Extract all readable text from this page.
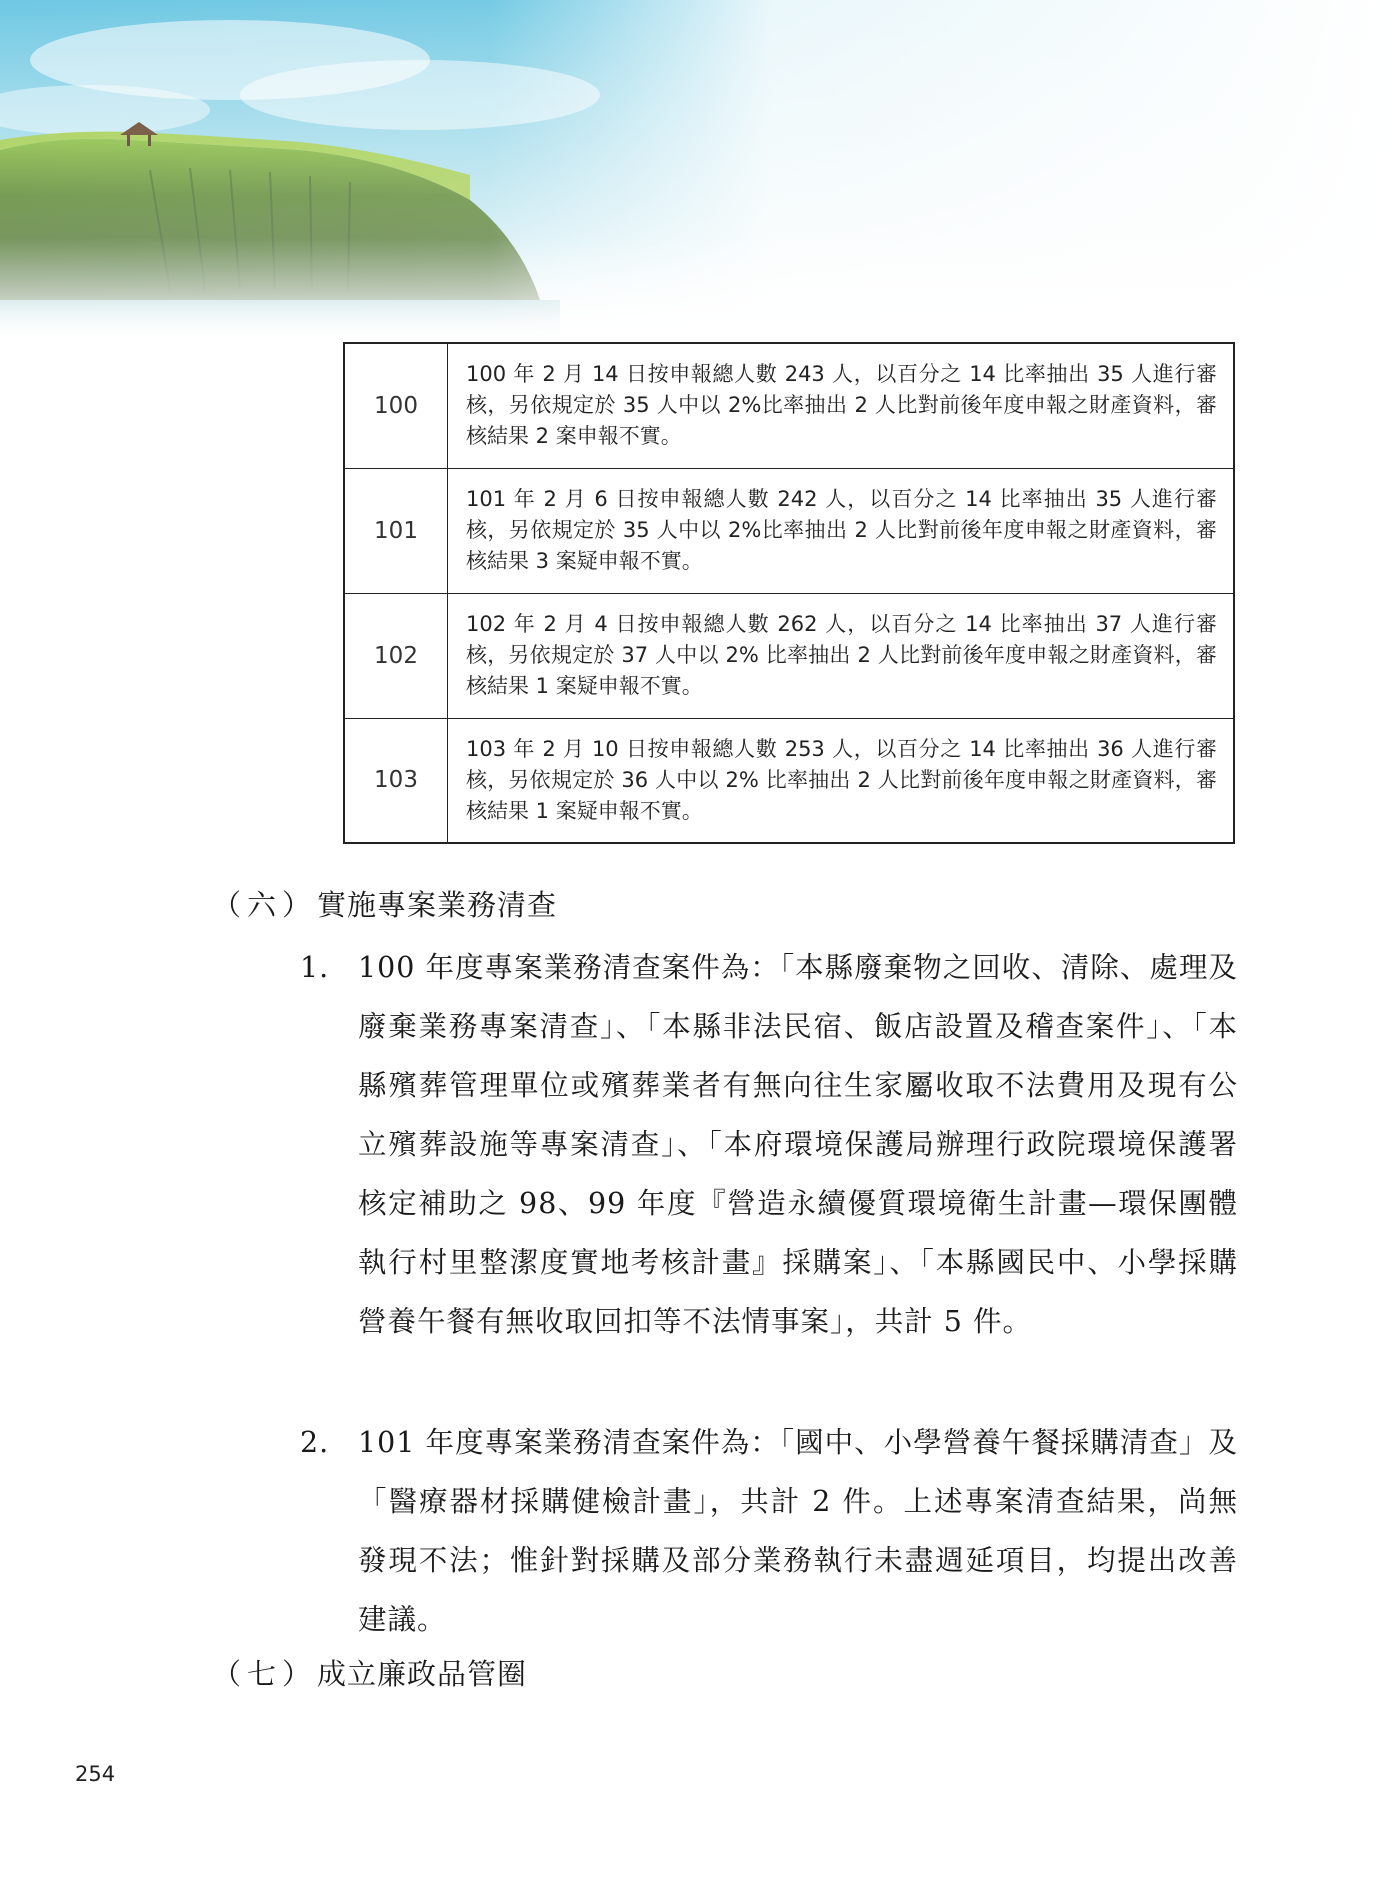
100	100 年 2 月 14 日按申報總人數 243 人，以百分之 14 比率抽出 35 人進行審核，另依規定於 35 人中以 2%比率抽出 2 人比對前後年度申報之財產資料，審核結果 2 案申報不實。
101	101 年 2 月 6 日按申報總人數 242 人，以百分之 14 比率抽出 35 人進行審核，另依規定於 35 人中以 2%比率抽出 2 人比對前後年度申報之財產資料，審核結果 3 案疑申報不實。
102	102 年 2 月 4 日按申報總人數 262 人，以百分之 14 比率抽出 37 人進行審核，另依規定於 37 人中以 2% 比率抽出 2 人比對前後年度申報之財產資料，審核結果 1 案疑申報不實。
103	103 年 2 月 10 日按申報總人數 253 人，以百分之 14 比率抽出 36 人進行審核，另依規定於 36 人中以 2% 比率抽出 2 人比對前後年度申報之財產資料，審核結果 1 案疑申報不實。
（六）實施專案業務清查
1.	100 年度專案業務清查案件為：「本縣廢棄物之回收、清除、處理及廢棄業務專案清查」、「本縣非法民宿、飯店設置及稽查案件」、「本縣殯葬管理單位或殯葬業者有無向往生家屬收取不法費用及現有公立殯葬設施等專案清查」、「本府環境保護局辦理行政院環境保護署核定補助之 98、99 年度『營造永續優質環境衛生計畫—環保團體執行村里整潔度實地考核計畫』採購案」、「本縣國民中、小學採購營養午餐有無收取回扣等不法情事案」，共計 5 件。
2.	101 年度專案業務清查案件為：「國中、小學營養午餐採購清查」及「醫療器材採購健檢計畫」，共計 2 件。上述專案清查結果，尚無發現不法；惟針對採購及部分業務執行未盡週延項目，均提出改善建議。
（七）成立廉政品管圈
254
